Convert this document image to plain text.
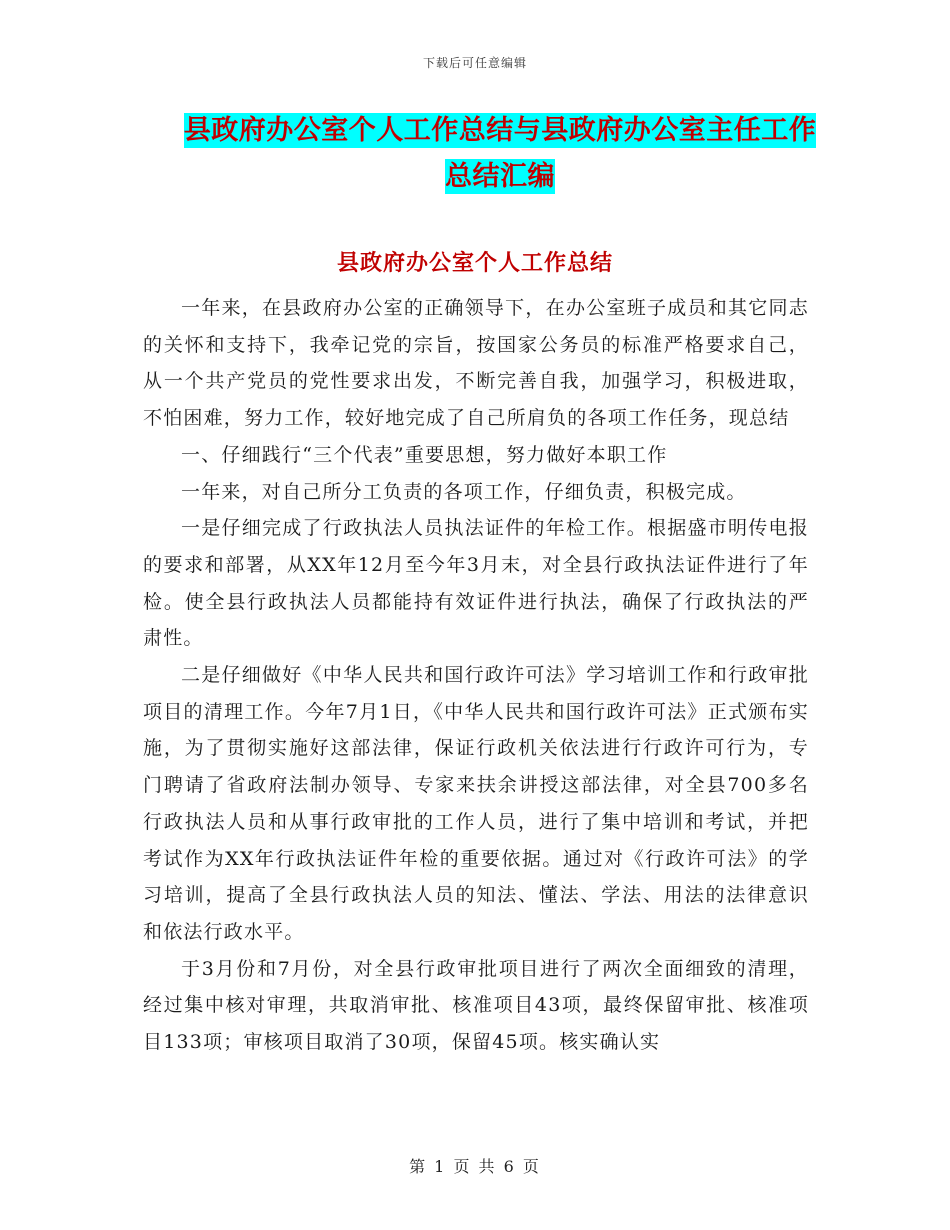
下载后可任意编辑
县政府办公室个人工作总结与县政府办公室主任工作
总结汇编
县政府办公室个人工作总结

一年来，在县政府办公室的正确领导下，在办公室班子成员和其它同志的关怀和支持下，我牵记党的宗旨，按国家公务员的标准严格要求自己，从一个共产党员的党性要求出发，不断完善自我，加强学习，积极进取，不怕困难，努力工作，较好地完成了自己所肩负的各项工作任务，现总结

一、仔细践行“三个代表”重要思想，努力做好本职工作

一年来，对自己所分工负责的各项工作，仔细负责，积极完成。

一是仔细完成了行政执法人员执法证件的年检工作。根据盛市明传电报的要求和部署，从XX年12月至今年3月末，对全县行政执法证件进行了年检。使全县行政执法人员都能持有效证件进行执法，确保了行政执法的严肃性。

二是仔细做好《中华人民共和国行政许可法》学习培训工作和行政审批项目的清理工作。今年7月1日，《中华人民共和国行政许可法》正式颁布实施，为了贯彻实施好这部法律，保证行政机关依法进行行政许可行为，专门聘请了省政府法制办领导、专家来扶余讲授这部法律，对全县700多名行政执法人员和从事行政审批的工作人员，进行了集中培训和考试，并把考试作为XX年行政执法证件年检的重要依据。通过对《行政许可法》的学习培训，提高了全县行政执法人员的知法、懂法、学法、用法的法律意识和依法行政水平。

于3月份和7月份，对全县行政审批项目进行了两次全面细致的清理，经过集中核对审理，共取消审批、核准项目43项，最终保留审批、核准项目133项；审核项目取消了30项，保留45项。核实确认实

第 1 页 共 6 页
